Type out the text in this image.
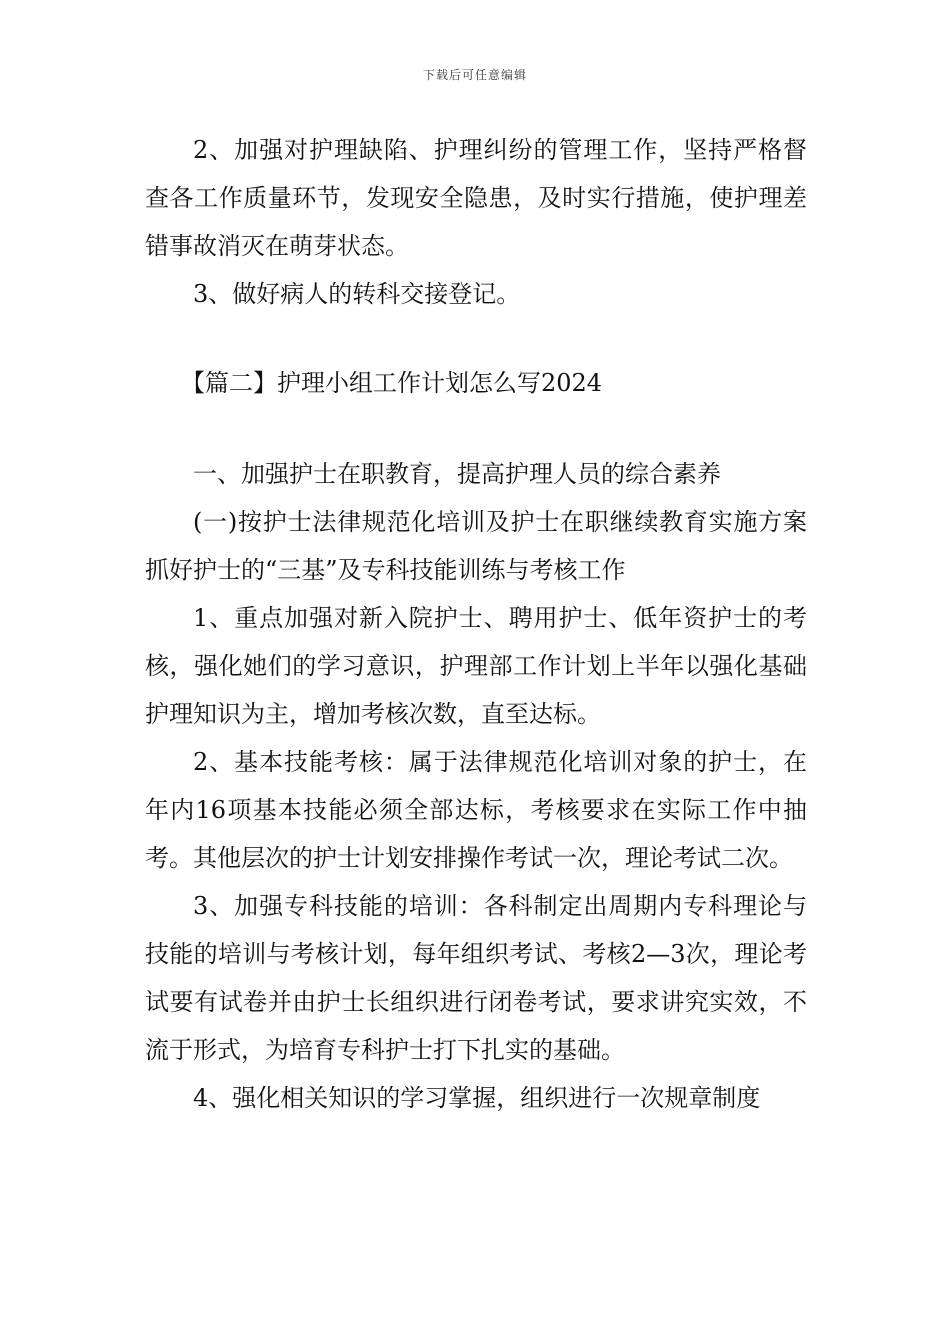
下载后可任意编辑

2、加强对护理缺陷、护理纠纷的管理工作，坚持严格督查各工作质量环节，发现安全隐患，及时实行措施，使护理差错事故消灭在萌芽状态。

3、做好病人的转科交接登记。

【篇二】护理小组工作计划怎么写2024

一、加强护士在职教育，提高护理人员的综合素养

(一)按护士法律规范化培训及护士在职继续教育实施方案抓好护士的“三基”及专科技能训练与考核工作

1、重点加强对新入院护士、聘用护士、低年资护士的考核，强化她们的学习意识，护理部工作计划上半年以强化基础护理知识为主，增加考核次数，直至达标。

2、基本技能考核：属于法律规范化培训对象的护士，在年内16项基本技能必须全部达标，考核要求在实际工作中抽考。其他层次的护士计划安排操作考试一次，理论考试二次。

3、加强专科技能的培训：各科制定出周期内专科理论与技能的培训与考核计划，每年组织考试、考核2—3次，理论考试要有试卷并由护士长组织进行闭卷考试，要求讲究实效，不流于形式，为培育专科护士打下扎实的基础。

4、强化相关知识的学习掌握，组织进行一次规章制度
